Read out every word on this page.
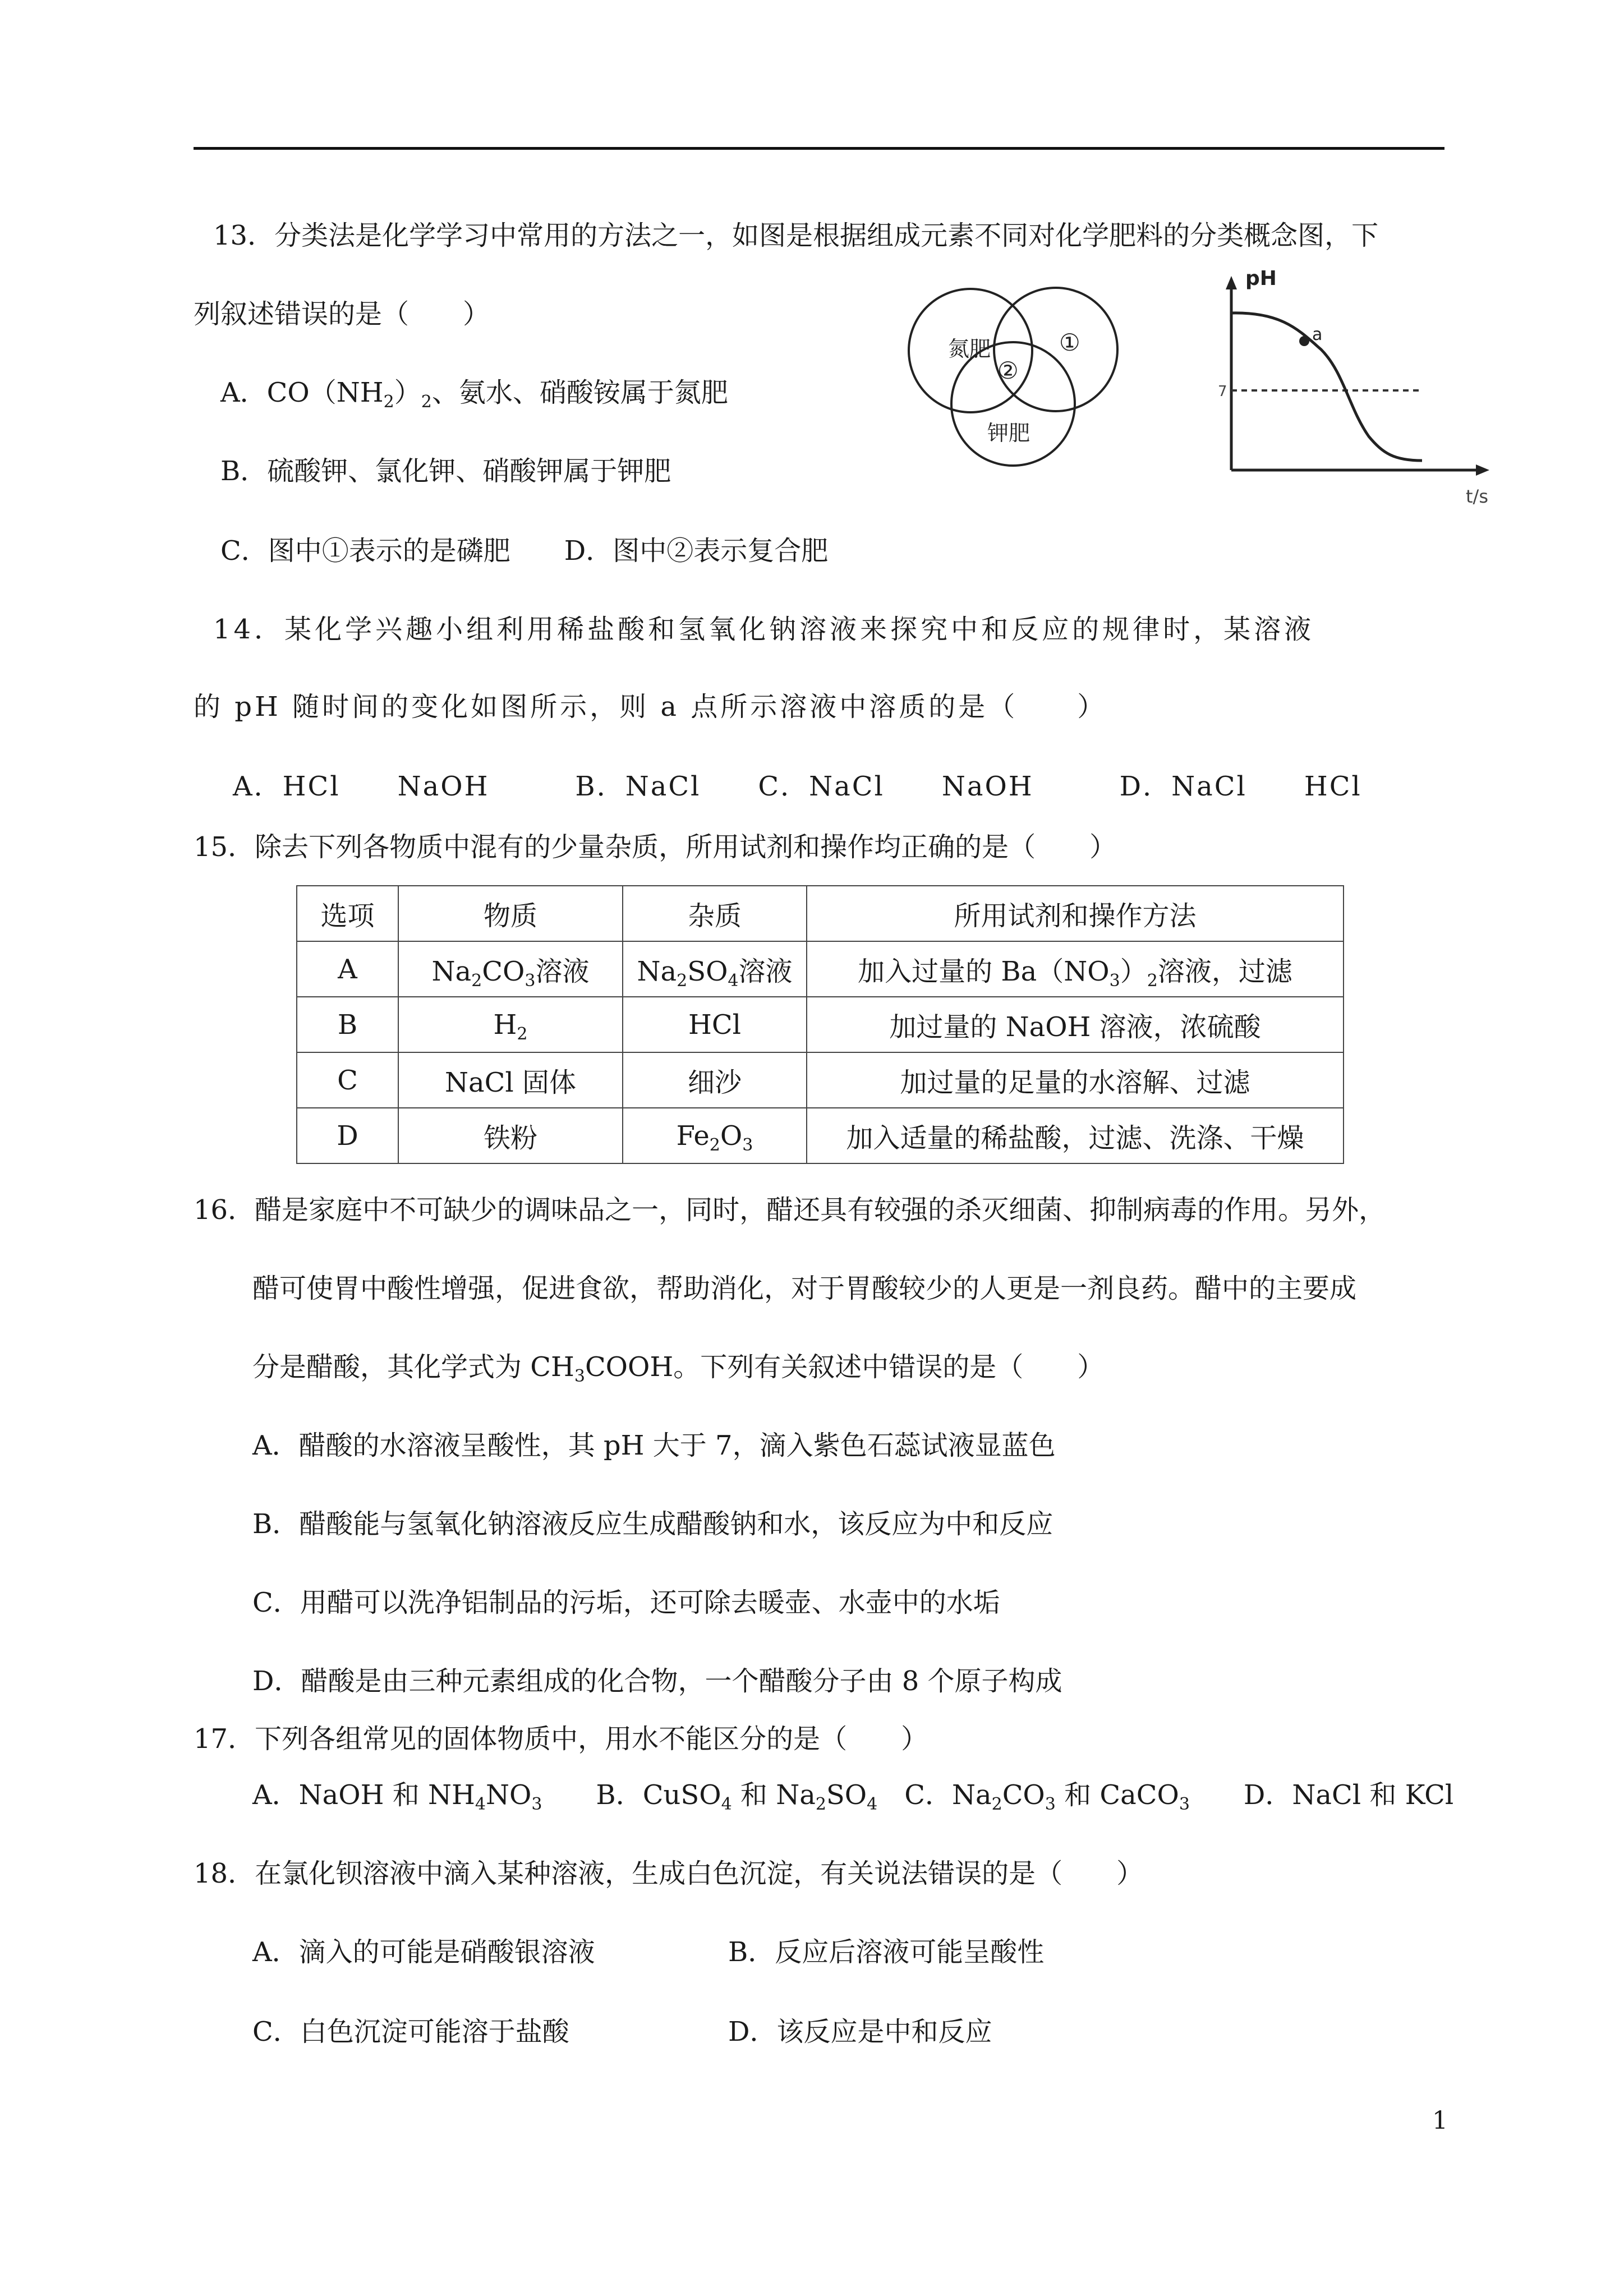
13．分类法是化学学习中常用的方法之一，如图是根据组成元素不同对化学肥料的分类概念图，下
列叙述错误的是（　　）
A．$CO(NH_2)_2$、氨水、硝酸铵属于氮肥
B．硫酸钾、氯化钾、硝酸钾属于钾肥
C．图中①表示的是磷肥　　D．图中②表示复合肥
氮肥	①
②
钾肥
pH
t/s
7
a
14．某化学兴趣小组利用稀盐酸和氢氧化钠溶液来探究中和反应的规律时，某溶液
的 pH 随时间的变化如图所示，则 a 点所示溶液中溶质的是（　　）
A．HCl　　NaOH　　　B．NaCl　　C．NaCl　　NaOH　　　D．NaCl　　HCl
15．除去下列各物质中混有的少量杂质，所用试剂和操作均正确的是（　　）
选项	物质	杂质	所用试剂和操作方法
A	$Na_2CO_3$溶液	$Na_2SO_4$溶液	加入过量的 $Ba(NO_3)_2$溶液，过滤
B	$H_2$	HCl	加过量的 NaOH 溶液，浓硫酸
C	NaCl 固体	细沙	加过量的足量的水溶解、过滤
D	铁粉	$Fe_2O_3$	加入适量的稀盐酸，过滤、洗涤、干燥
16．醋是家庭中不可缺少的调味品之一，同时，醋还具有较强的杀灭细菌、抑制病毒的作用。另外，
醋可使胃中酸性增强，促进食欲，帮助消化，对于胃酸较少的人更是一剂良药。醋中的主要成
分是醋酸，其化学式为 $CH_3COOH$。下列有关叙述中错误的是（　　）
A．醋酸的水溶液呈酸性，其 pH 大于 7，滴入紫色石蕊试液显蓝色
B．醋酸能与氢氧化钠溶液反应生成醋酸钠和水，该反应为中和反应
C．用醋可以洗净铝制品的污垢，还可除去暖壶、水壶中的水垢
D．醋酸是由三种元素组成的化合物，一个醋酸分子由 8 个原子构成
17．下列各组常见的固体物质中，用水不能区分的是（　　）
A．NaOH 和 $NH_4NO_3$　　B．CuSO$_4$ 和 $Na_2SO_4$　C．$Na_2CO_3$ 和 CaCO$_3$　　D．NaCl 和 KCl
18．在氯化钡溶液中滴入某种溶液，生成白色沉淀，有关说法错误的是（　　）
A．滴入的可能是硝酸银溶液	B．反应后溶液可能呈酸性
C．白色沉淀可能溶于盐酸	D．该反应是中和反应
1
